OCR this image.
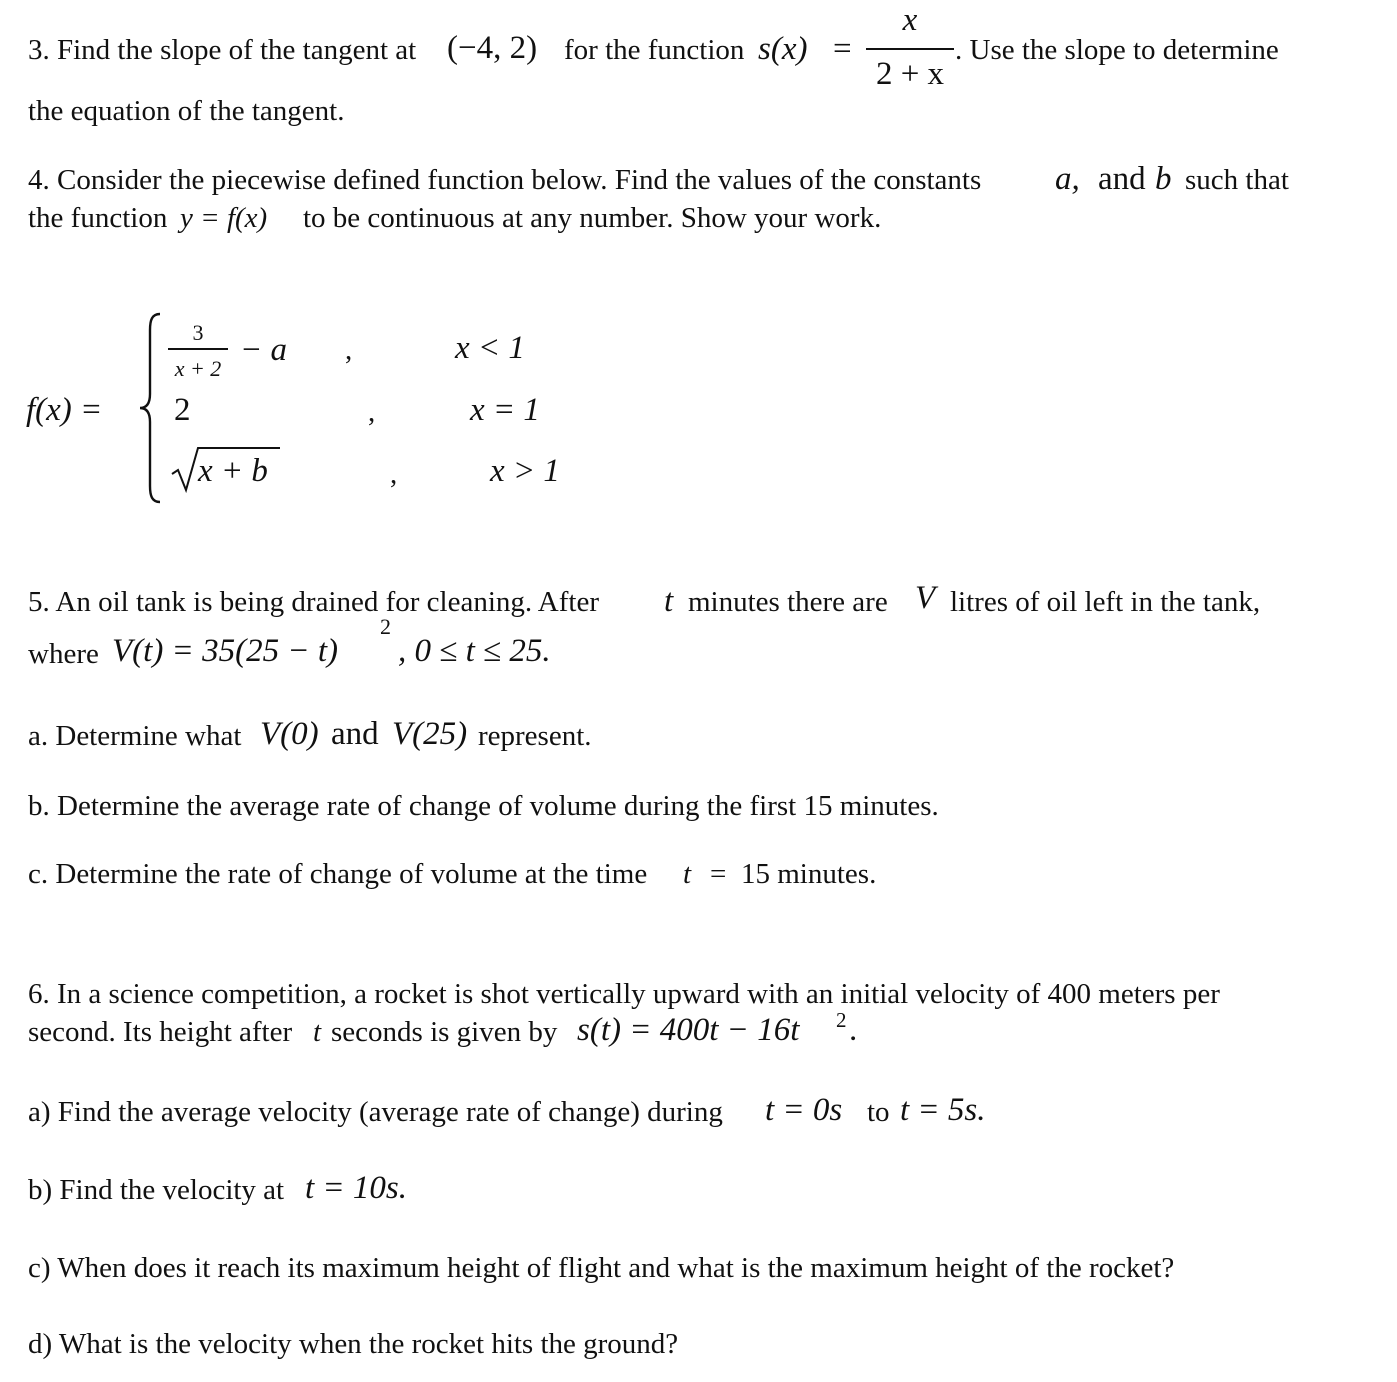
3. Find the slope of the tangent at (−4, 2) for the function s(x) =
x
2 + x
. Use the slope to determine
the equation of the tangent.
4. Consider the piecewise defined function below. Find the values of the constants a, and b such that
the function y = f(x) to be continuous at any number. Show your work.
f(x) =
3
x + 2
− a ,	x < 1
2	,	x = 1
x + b	,	x > 1
5. An oil tank is being drained for cleaning. After t minutes there are V litres of oil left in the tank,
where V(t) = 35(25 − t)
2
, 0 ≤ t ≤ 25.
a. Determine what V(0) and V(25) represent.
b. Determine the average rate of change of volume during the first 15 minutes.
c. Determine the rate of change of volume at the time t = 15 minutes.
6. In a science competition, a rocket is shot vertically upward with an initial velocity of 400 meters per
second. Its height after t seconds is given by s(t) = 400t − 16t 2 .
a) Find the average velocity (average rate of change) during t = 0s to t = 5s.
b) Find the velocity at t = 10s.
c) When does it reach its maximum height of flight and what is the maximum height of the rocket?
d) What is the velocity when the rocket hits the ground?
